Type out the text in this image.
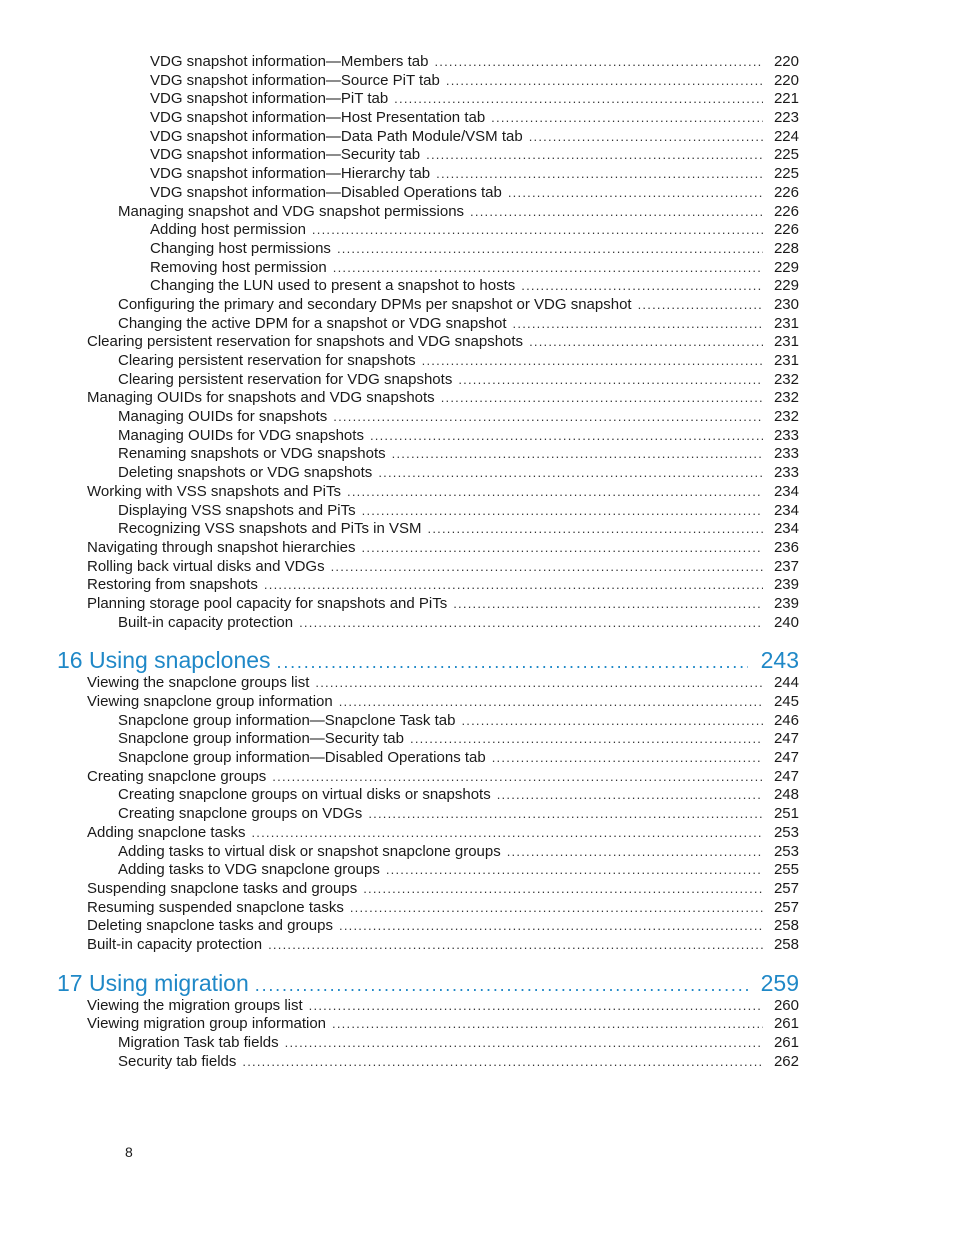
VDG snapshot information—Members tab . . .	220
VDG snapshot information—Source PiT tab . . .	220
VDG snapshot information—PiT tab . . .	221
VDG snapshot information—Host Presentation tab . . .	223
VDG snapshot information—Data Path Module/VSM tab . . .	224
VDG snapshot information—Security tab . . .	225
VDG snapshot information—Hierarchy tab . . .	225
VDG snapshot information—Disabled Operations tab . . .	226
Managing snapshot and VDG snapshot permissions . . .	226
Adding host permission . . .	226
Changing host permissions . . .	228
Removing host permission . . .	229
Changing the LUN used to present a snapshot to hosts . . .	229
Configuring the primary and secondary DPMs per snapshot or VDG snapshot . . .	230
Changing the active DPM for a snapshot or VDG snapshot . . .	231
Clearing persistent reservation for snapshots and VDG snapshots . . .	231
Clearing persistent reservation for snapshots . . .	231
Clearing persistent reservation for VDG snapshots . . .	232
Managing OUIDs for snapshots and VDG snapshots . . .	232
Managing OUIDs for snapshots . . .	232
Managing OUIDs for VDG snapshots . . .	233
Renaming snapshots or VDG snapshots . . .	233
Deleting snapshots or VDG snapshots . . .	233
Working with VSS snapshots and PiTs . . .	234
Displaying VSS snapshots and PiTs . . .	234
Recognizing VSS snapshots and PiTs in VSM . . .	234
Navigating through snapshot hierarchies . . .	236
Rolling back virtual disks and VDGs . . .	237
Restoring from snapshots . . .	239
Planning storage pool capacity for snapshots and PiTs . . .	239
Built-in capacity protection . . .	240
16 Using snapclones . . .	243
Viewing the snapclone groups list . . .	244
Viewing snapclone group information . . .	245
Snapclone group information—Snapclone Task tab . . .	246
Snapclone group information—Security tab . . .	247
Snapclone group information—Disabled Operations tab . . .	247
Creating snapclone groups . . .	247
Creating snapclone groups on virtual disks or snapshots . . .	248
Creating snapclone groups on VDGs . . .	251
Adding snapclone tasks . . .	253
Adding tasks to virtual disk or snapshot snapclone groups . . .	253
Adding tasks to VDG snapclone groups . . .	255
Suspending snapclone tasks and groups . . .	257
Resuming suspended snapclone tasks . . .	257
Deleting snapclone tasks and groups . . .	258
Built-in capacity protection . . .	258
17 Using migration . . .	259
Viewing the migration groups list . . .	260
Viewing migration group information . . .	261
Migration Task tab fields . . .	261
Security tab fields . . .	262
8
